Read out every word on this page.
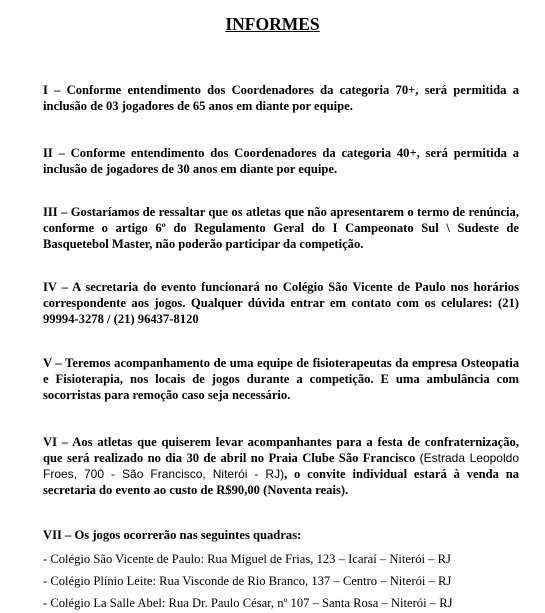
INFORMES
I – Conforme entendimento dos Coordenadores da categoria 70+, será permitida a inclusão de 03 jogadores de 65 anos em diante por equipe.
II – Conforme entendimento dos Coordenadores da categoria 40+, será permitida a inclusão de jogadores de 30 anos em diante por equipe.
III – Gostaríamos de ressaltar que os atletas que não apresentarem o termo de renúncia, conforme o artigo 6º do Regulamento Geral do I Campeonato Sul \ Sudeste de Basquetebol Master, não poderão participar da competição.
IV – A secretaria do evento funcionará no Colégio São Vicente de Paulo nos horários correspondente aos jogos. Qualquer dúvida entrar em contato com os celulares: (21) 99994-3278 / (21) 96437-8120
V – Teremos acompanhamento de uma equipe de fisioterapeutas da empresa Osteopatia e Fisioterapia, nos locais de jogos durante a competição. E uma ambulância com socorristas para remoção caso seja necessário.
VI – Aos atletas que quiserem levar acompanhantes para a festa de confraternização, que será realizado no dia 30 de abril no Praia Clube São Francisco (Estrada Leopoldo Froes, 700 - São Francisco, Niterói - RJ), o convite individual estará à venda na secretaria do evento ao custo de R$90,00 (Noventa reais).
VII – Os jogos ocorrerão nas seguintes quadras:
- Colégio São Vicente de Paulo: Rua Miguel de Frias, 123 – Icaraí – Niterói – RJ
- Colégio Plínio Leite: Rua Visconde de Rio Branco, 137 – Centro – Niterói – RJ
- Colégio La Salle Abel: Rua Dr. Paulo César, nº 107 – Santa Rosa – Niterói – RJ
